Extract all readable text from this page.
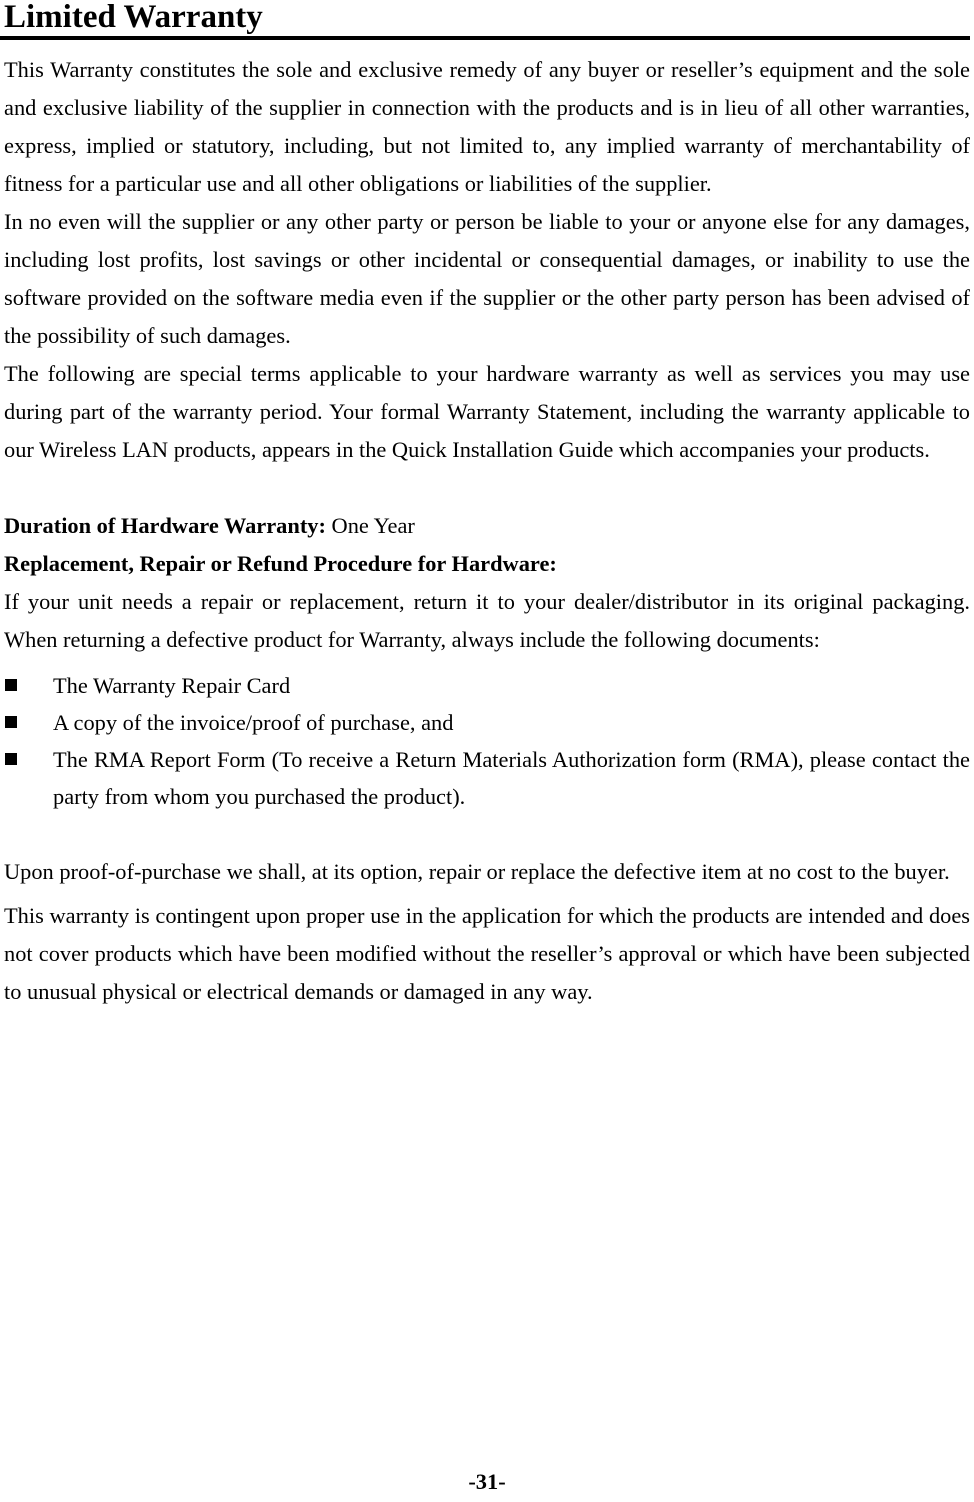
Limited Warranty

This Warranty constitutes the sole and exclusive remedy of any buyer or reseller’s equipment and the sole and exclusive liability of the supplier in connection with the products and is in lieu of all other warranties, express, implied or statutory, including, but not limited to, any implied warranty of merchantability of fitness for a particular use and all other obligations or liabilities of the supplier.

In no even will the supplier or any other party or person be liable to your or anyone else for any damages, including lost profits, lost savings or other incidental or consequential damages, or inability to use the software provided on the software media even if the supplier or the other party person has been advised of the possibility of such damages.

The following are special terms applicable to your hardware warranty as well as services you may use during part of the warranty period. Your formal Warranty Statement, including the warranty applicable to our Wireless LAN products, appears in the Quick Installation Guide which accompanies your products.

Duration of Hardware Warranty: One Year

Replacement, Repair or Refund Procedure for Hardware:

If your unit needs a repair or replacement, return it to your dealer/distributor in its original packaging. When returning a defective product for Warranty, always include the following documents:

The Warranty Repair Card
A copy of the invoice/proof of purchase, and
The RMA Report Form (To receive a Return Materials Authorization form (RMA), please contact the party from whom you purchased the product).

Upon proof-of-purchase we shall, at its option, repair or replace the defective item at no cost to the buyer.

This warranty is contingent upon proper use in the application for which the products are intended and does not cover products which have been modified without the reseller’s approval or which have been subjected to unusual physical or electrical demands or damaged in any way.

-31-
